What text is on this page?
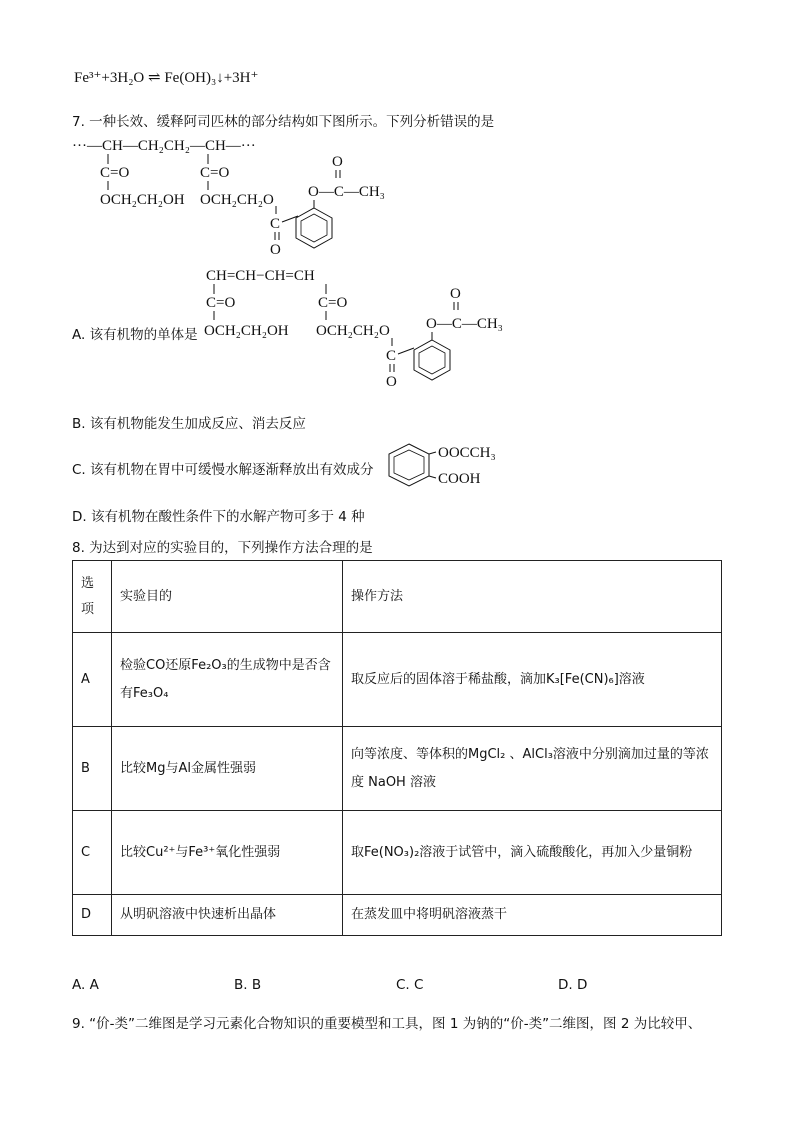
Fe³⁺+3H₂O ⇌ Fe(OH)₃↓+3H⁺
7. 一种长效、缓释阿司匹林的部分结构如下图所示。下列分析错误的是
···—CH—CH₂CH₂—CH—···
C=O	C=O
OCH₂CH₂OH OCH₂CH₂O
C
O
O—C—CH₃
O
A. 该有机物的单体是
CH=CH−CH=CH
C=O	C=O
OCH₂CH₂OH OCH₂CH₂O
C
O
O—C—CH₃
O
B. 该有机物能发生加成反应、消去反应
C. 该有机物在胃中可缓慢水解逐渐释放出有效成分
OOCCH₃
COOH
D. 该有机物在酸性条件下的水解产物可多于 4 种
8. 为达到对应的实验目的，下列操作方法合理的是
选项	实验目的	操作方法
A	检验CO还原Fe₂O₃的生成物中是否含有Fe₃O₄	取反应后的固体溶于稀盐酸，滴加K₃[Fe(CN)₆]溶液
B	比较Mg与Al金属性强弱	向等浓度、等体积的MgCl₂ 、AlCl₃溶液中分别滴加过量的等浓度 NaOH 溶液
C	比较Cu²⁺与Fe³⁺氧化性强弱	取Fe(NO₃)₂溶液于试管中，滴入硫酸酸化，再加入少量铜粉
D	从明矾溶液中快速析出晶体	在蒸发皿中将明矾溶液蒸干
A. A	B. B	C. C	D. D
9. “价-类”二维图是学习元素化合物知识的重要模型和工具，图 1 为钠的“价-类”二维图，图 2 为比较甲、
